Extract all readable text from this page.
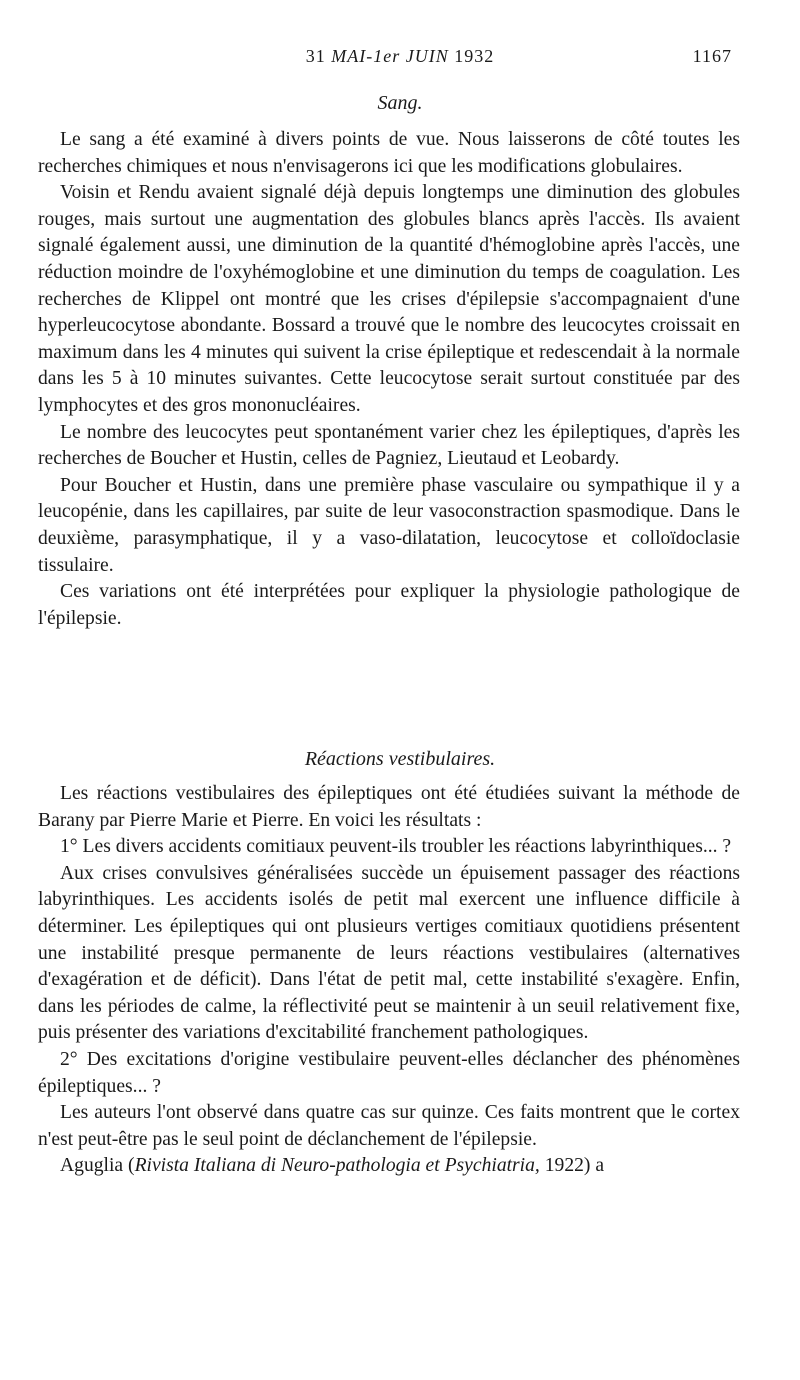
31 MAI-1er JUIN 1932	1167
Sang.

Le sang a été examiné à divers points de vue. Nous laisserons de côté toutes les recherches chimiques et nous n'envisagerons ici que les modifications globulaires.

Voisin et Rendu avaient signalé déjà depuis longtemps une diminution des globules rouges, mais surtout une augmentation des globules blancs après l'accès. Ils avaient signalé également aussi, une diminution de la quantité d'hémoglobine après l'accès, une réduction moindre de l'oxyhémoglobine et une diminution du temps de coagulation. Les recherches de Klippel ont montré que les crises d'épilepsie s'accompagnaient d'une hyperleucocytose abondante. Bossard a trouvé que le nombre des leucocytes croissait en maximum dans les 4 minutes qui suivent la crise épileptique et redescendait à la normale dans les 5 à 10 minutes suivantes. Cette leucocytose serait surtout constituée par des lymphocytes et des gros mononucléaires.

Le nombre des leucocytes peut spontanément varier chez les épileptiques, d'après les recherches de Boucher et Hustin, celles de Pagniez, Lieutaud et Leobardy.

Pour Boucher et Hustin, dans une première phase vasculaire ou sympathique il y a leucopénie, dans les capillaires, par suite de leur vasoconstraction spasmodique. Dans le deuxième, parasymphatique, il y a vaso-dilatation, leucocytose et colloïdoclasie tissulaire.

Ces variations ont été interprétées pour expliquer la physiologie pathologique de l'épilepsie.

Réactions vestibulaires.

Les réactions vestibulaires des épileptiques ont été étudiées suivant la méthode de Barany par Pierre Marie et Pierre. En voici les résultats :

1° Les divers accidents comitiaux peuvent-ils troubler les réactions labyrinthiques... ?

Aux crises convulsives généralisées succède un épuisement passager des réactions labyrinthiques. Les accidents isolés de petit mal exercent une influence difficile à déterminer. Les épileptiques qui ont plusieurs vertiges comitiaux quotidiens présentent une instabilité presque permanente de leurs réactions vestibulaires (alternatives d'exagération et de déficit). Dans l'état de petit mal, cette instabilité s'exagère. Enfin, dans les périodes de calme, la réflectivité peut se maintenir à un seuil relativement fixe, puis présenter des variations d'excitabilité franchement pathologiques.

2° Des excitations d'origine vestibulaire peuvent-elles déclancher des phénomènes épileptiques... ?

Les auteurs l'ont observé dans quatre cas sur quinze. Ces faits montrent que le cortex n'est peut-être pas le seul point de déclanchement de l'épilepsie.

Aguglia (Rivista Italiana di Neuro-pathologia et Psychiatria, 1922) a
